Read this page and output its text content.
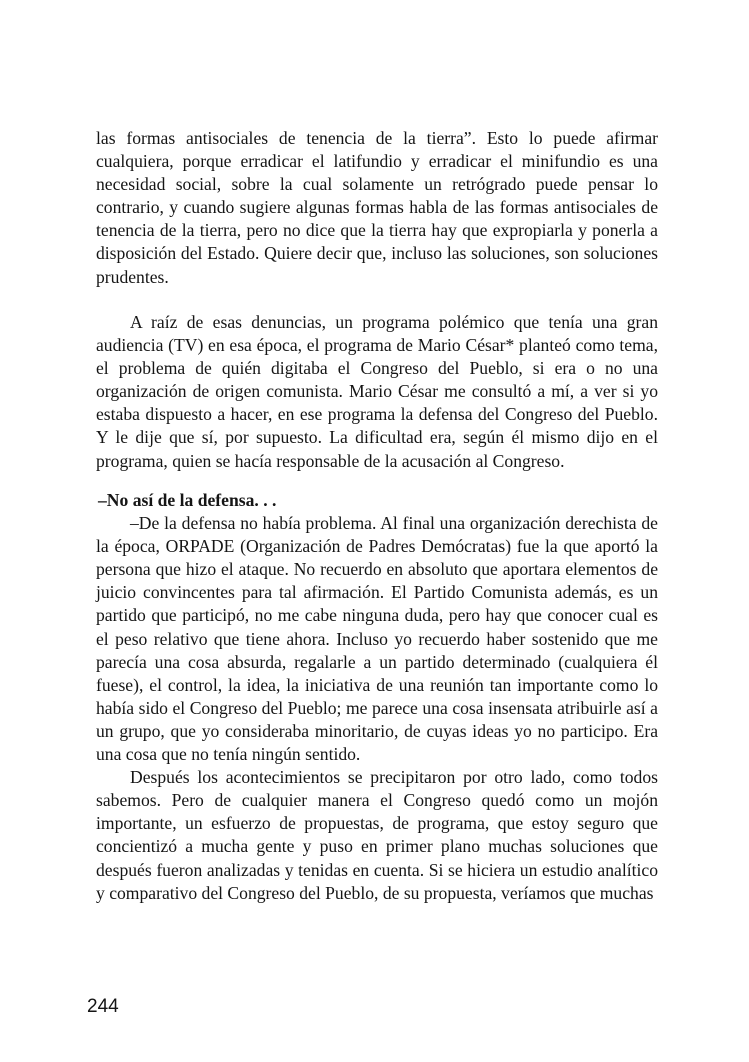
las formas antisociales de tenencia de la tierra”. Esto lo puede afirmar cualquiera, porque erradicar el latifundio y erradicar el minifundio es una necesidad social, sobre la cual solamente un retrógrado puede pensar lo contrario, y cuando sugiere algunas formas habla de las formas antisociales de tenencia de la tierra, pero no dice que la tierra hay que expropiarla y ponerla a disposición del Estado. Quiere decir que, incluso las soluciones, son soluciones prudentes.

A raíz de esas denuncias, un programa polémico que tenía una gran audiencia (TV) en esa época, el programa de Mario César* planteó como tema, el problema de quién digitaba el Congreso del Pueblo, si era o no una organización de origen comunista. Mario César me consultó a mí, a ver si yo estaba dispuesto a hacer, en ese programa la defensa del Congreso del Pueblo. Y le dije que sí, por supuesto. La dificultad era, según él mismo dijo en el programa, quien se hacía responsable de la acusación al Congreso.

–No así de la defensa. . .

–De la defensa no había problema. Al final una organización derechista de la época, ORPADE (Organización de Padres Demócratas) fue la que aportó la persona que hizo el ataque. No recuerdo en absoluto que aportara elementos de juicio convincentes para tal afirmación. El Partido Comunista además, es un partido que participó, no me cabe ninguna duda, pero hay que conocer cual es el peso relativo que tiene ahora. Incluso yo recuerdo haber sostenido que me parecía una cosa absurda, regalarle a un partido determinado (cualquiera él fuese), el control, la idea, la iniciativa de una reunión tan importante como lo había sido el Congreso del Pueblo; me parece una cosa insensata atribuirle así a un grupo, que yo consideraba minoritario, de cuyas ideas yo no participo. Era una cosa que no tenía ningún sentido.

Después los acontecimientos se precipitaron por otro lado, como todos sabemos. Pero de cualquier manera el Congreso quedó como un mojón importante, un esfuerzo de propuestas, de programa, que estoy seguro que concientizó a mucha gente y puso en primer plano muchas soluciones que después fueron analizadas y tenidas en cuenta. Si se hiciera un estudio analítico y comparativo del Congreso del Pueblo, de su propuesta, veríamos que muchas

244
